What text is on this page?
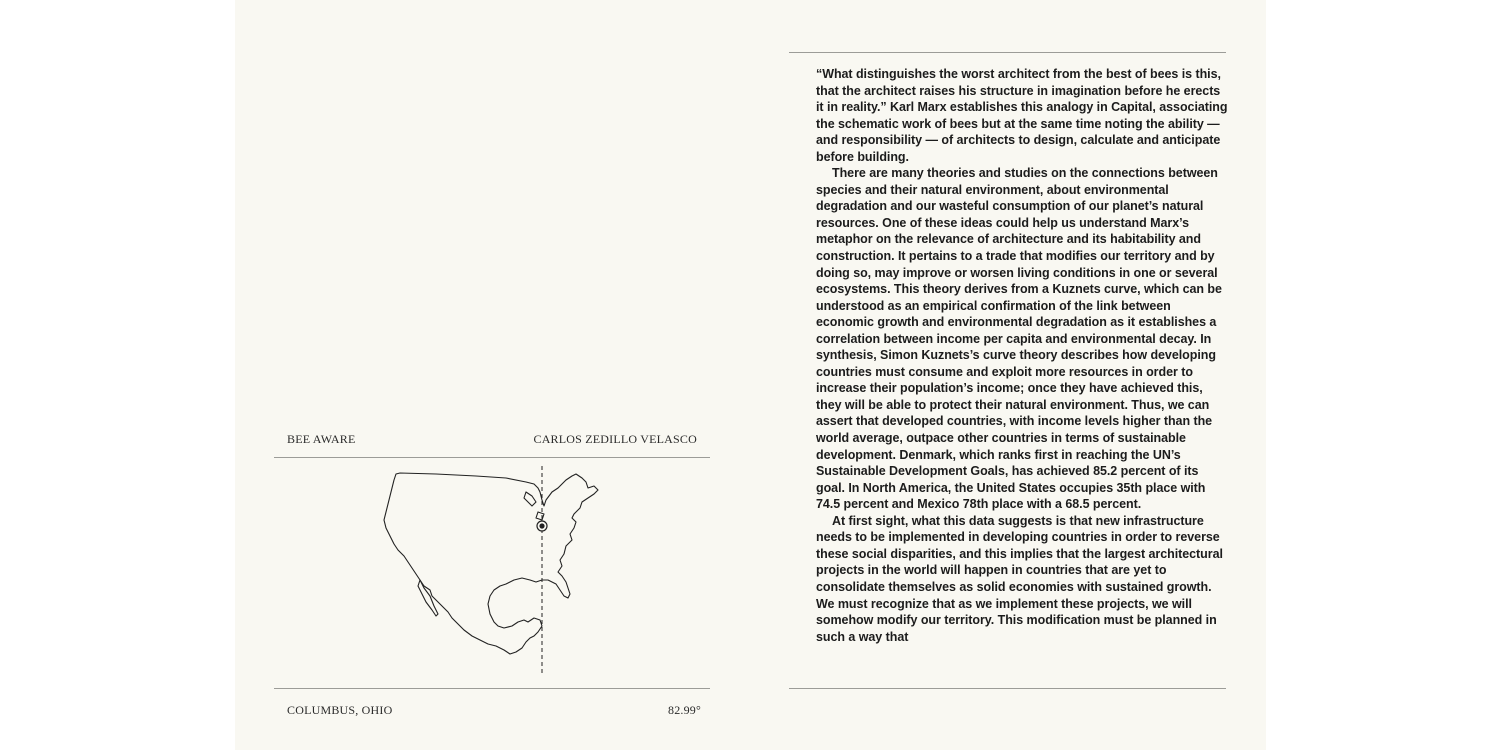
BEE AWARE	CARLOS ZEDILLO VELASCO
COLUMBUS, OHIO	82.99°

“What distinguishes the worst architect from the best of bees is this, that the architect raises his structure in imagination before he erects it in reality.” Karl Marx establishes this analogy in Capital, associating the schematic work of bees but at the same time noting the ability — and responsibility — of architects to design, calculate and anticipate before building.

There are many theories and studies on the connections between species and their natural environment, about environmental degradation and our wasteful consumption of our planet’s natural resources. One of these ideas could help us understand Marx’s metaphor on the relevance of architecture and its habitability and construction. It pertains to a trade that modifies our territory and by doing so, may improve or worsen living conditions in one or several ecosystems. This theory derives from a Kuznets curve, which can be understood as an empirical confirmation of the link between economic growth and environmental degradation as it establishes a correlation between income per capita and environmental decay. In synthesis, Simon Kuznets’s curve theory describes how developing countries must consume and exploit more resources in order to increase their population’s income; once they have achieved this, they will be able to protect their natural environment. Thus, we can assert that developed countries, with income levels higher than the world average, outpace other countries in terms of sustainable development. Denmark, which ranks first in reaching the UN’s Sustainable Development Goals, has achieved 85.2 percent of its goal. In North America, the United States occupies 35th place with 74.5 percent and Mexico 78th place with a 68.5 percent.

At first sight, what this data suggests is that new infrastructure needs to be implemented in developing countries in order to reverse these social disparities, and this implies that the largest architectural projects in the world will happen in countries that are yet to consolidate themselves as solid economies with sustained growth. We must recognize that as we implement these projects, we will somehow modify our territory. This modification must be planned in such a way that
